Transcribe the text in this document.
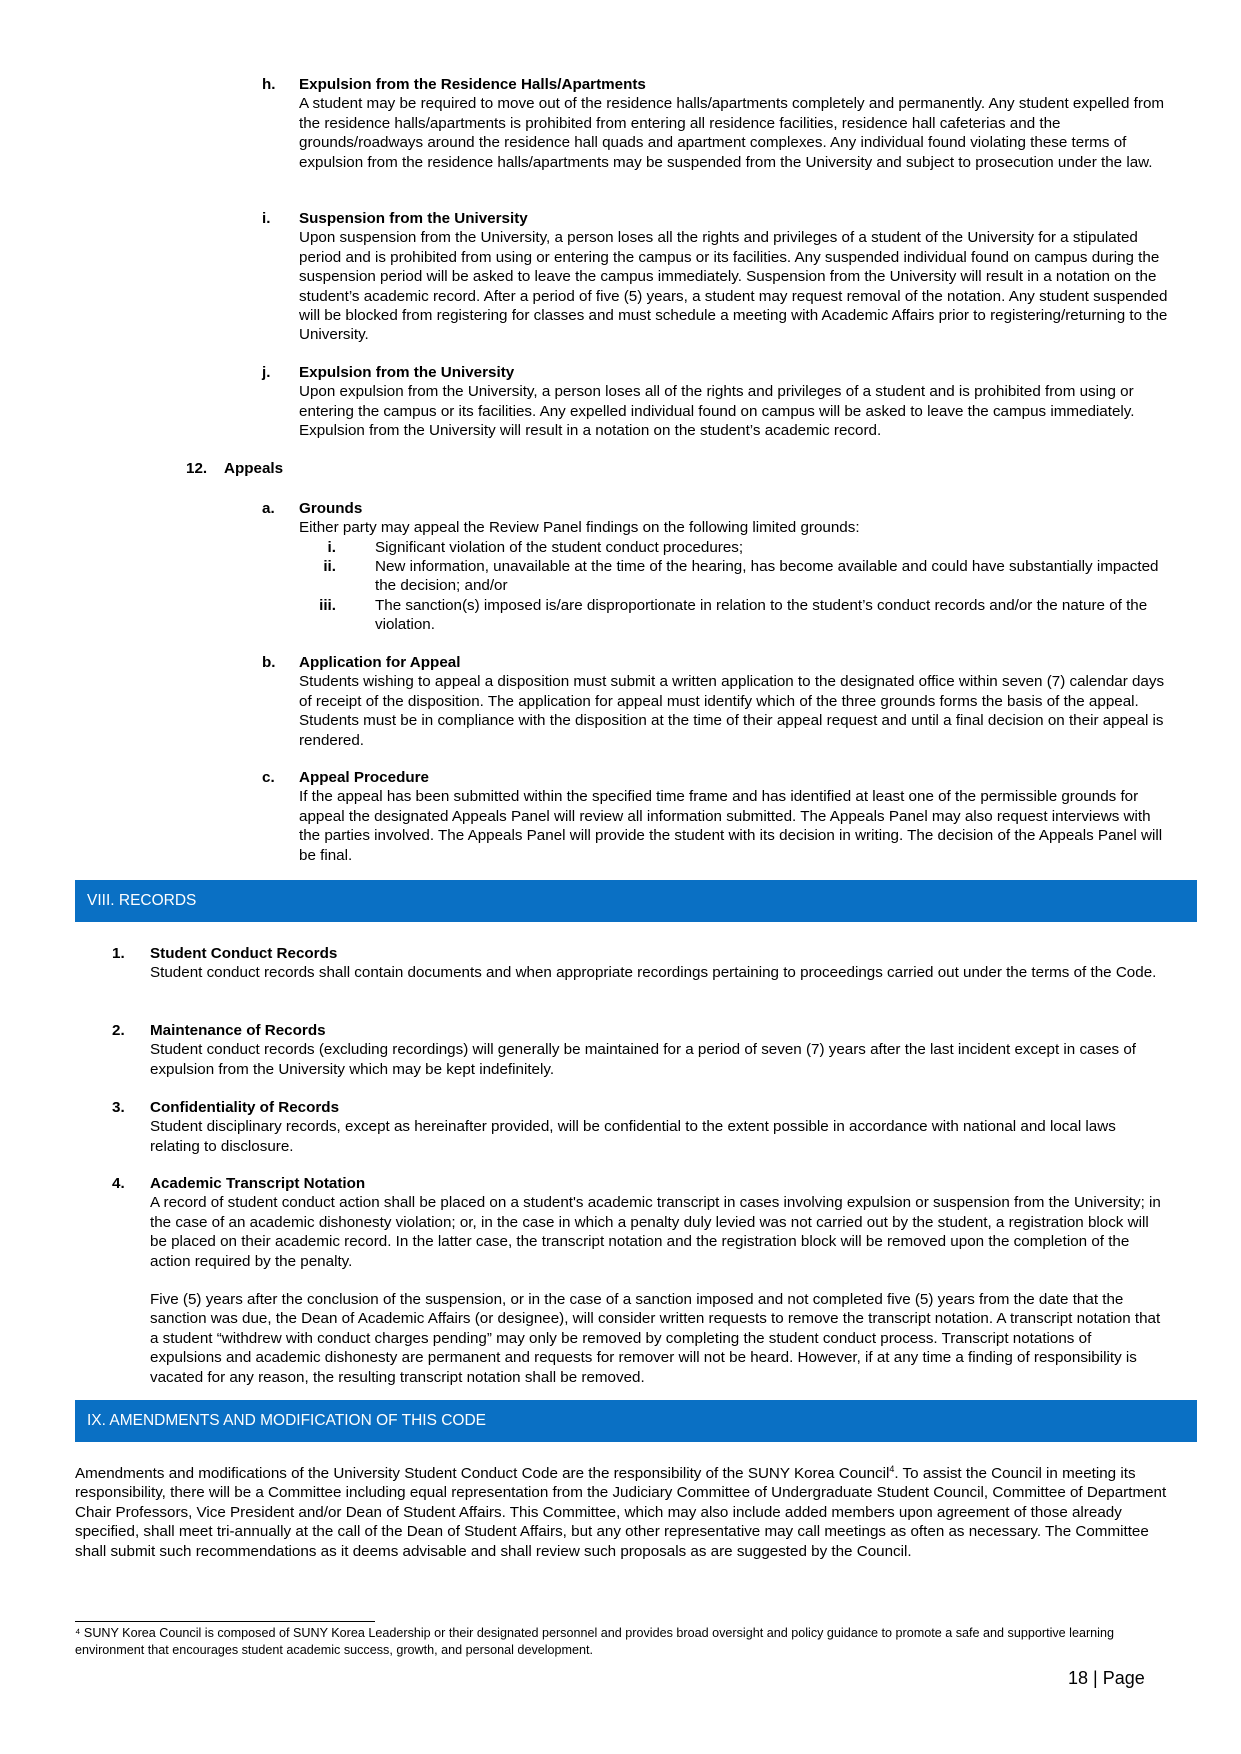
h. Expulsion from the Residence Halls/Apartments

A student may be required to move out of the residence halls/apartments completely and permanently. Any student expelled from the residence halls/apartments is prohibited from entering all residence facilities, residence hall cafeterias and the grounds/roadways around the residence hall quads and apartment complexes. Any individual found violating these terms of expulsion from the residence halls/apartments may be suspended from the University and subject to prosecution under the law.

i. Suspension from the University

Upon suspension from the University, a person loses all the rights and privileges of a student of the University for a stipulated period and is prohibited from using or entering the campus or its facilities. Any suspended individual found on campus during the suspension period will be asked to leave the campus immediately. Suspension from the University will result in a notation on the student’s academic record. After a period of five (5) years, a student may request removal of the notation. Any student suspended will be blocked from registering for classes and must schedule a meeting with Academic Affairs prior to registering/returning to the University.

j. Expulsion from the University

Upon expulsion from the University, a person loses all of the rights and privileges of a student and is prohibited from using or entering the campus or its facilities. Any expelled individual found on campus will be asked to leave the campus immediately. Expulsion from the University will result in a notation on the student’s academic record.

12. Appeals
a. Grounds

Either party may appeal the Review Panel findings on the following limited grounds:

i.	Significant violation of the student conduct procedures;
ii.	New information, unavailable at the time of the hearing, has become available and could have substantially impacted the decision; and/or
iii.	The sanction(s) imposed is/are disproportionate in relation to the student’s conduct records and/or the nature of the violation.
b. Application for Appeal

Students wishing to appeal a disposition must submit a written application to the designated office within seven (7) calendar days of receipt of the disposition. The application for appeal must identify which of the three grounds forms the basis of the appeal. Students must be in compliance with the disposition at the time of their appeal request and until a final decision on their appeal is rendered.

c. Appeal Procedure

If the appeal has been submitted within the specified time frame and has identified at least one of the permissible grounds for appeal the designated Appeals Panel will review all information submitted. The Appeals Panel may also request interviews with the parties involved. The Appeals Panel will provide the student with its decision in writing. The decision of the Appeals Panel will be final.

VIII. RECORDS
1. Student Conduct Records

Student conduct records shall contain documents and when appropriate recordings pertaining to proceedings carried out under the terms of the Code.

2. Maintenance of Records

Student conduct records (excluding recordings) will generally be maintained for a period of seven (7) years after the last incident except in cases of expulsion from the University which may be kept indefinitely.

3. Confidentiality of Records

Student disciplinary records, except as hereinafter provided, will be confidential to the extent possible in accordance with national and local laws relating to disclosure.

4. Academic Transcript Notation

A record of student conduct action shall be placed on a student's academic transcript in cases involving expulsion or suspension from the University; in the case of an academic dishonesty violation; or, in the case in which a penalty duly levied was not carried out by the student, a registration block will be placed on their academic record. In the latter case, the transcript notation and the registration block will be removed upon the completion of the action required by the penalty.

Five (5) years after the conclusion of the suspension, or in the case of a sanction imposed and not completed five (5) years from the date that the sanction was due, the Dean of Academic Affairs (or designee), will consider written requests to remove the transcript notation. A transcript notation that a student “withdrew with conduct charges pending” may only be removed by completing the student conduct process. Transcript notations of expulsions and academic dishonesty are permanent and requests for remover will not be heard. However, if at any time a finding of responsibility is vacated for any reason, the resulting transcript notation shall be removed.

IX. AMENDMENTS AND MODIFICATION OF THIS CODE

Amendments and modifications of the University Student Conduct Code are the responsibility of the SUNY Korea Council$^4$. To assist the Council in meeting its responsibility, there will be a Committee including equal representation from the Judiciary Committee of Undergraduate Student Council, Committee of Department Chair Professors, Vice President and/or Dean of Student Affairs. This Committee, which may also include added members upon agreement of those already specified, shall meet tri-annually at the call of the Dean of Student Affairs, but any other representative may call meetings as often as necessary. The Committee shall submit such recommendations as it deems advisable and shall review such proposals as are suggested by the Council.

⁴ SUNY Korea Council is composed of SUNY Korea Leadership or their designated personnel and provides broad oversight and policy guidance to promote a safe and supportive learning environment that encourages student academic success, growth, and personal development.
18 | Page
